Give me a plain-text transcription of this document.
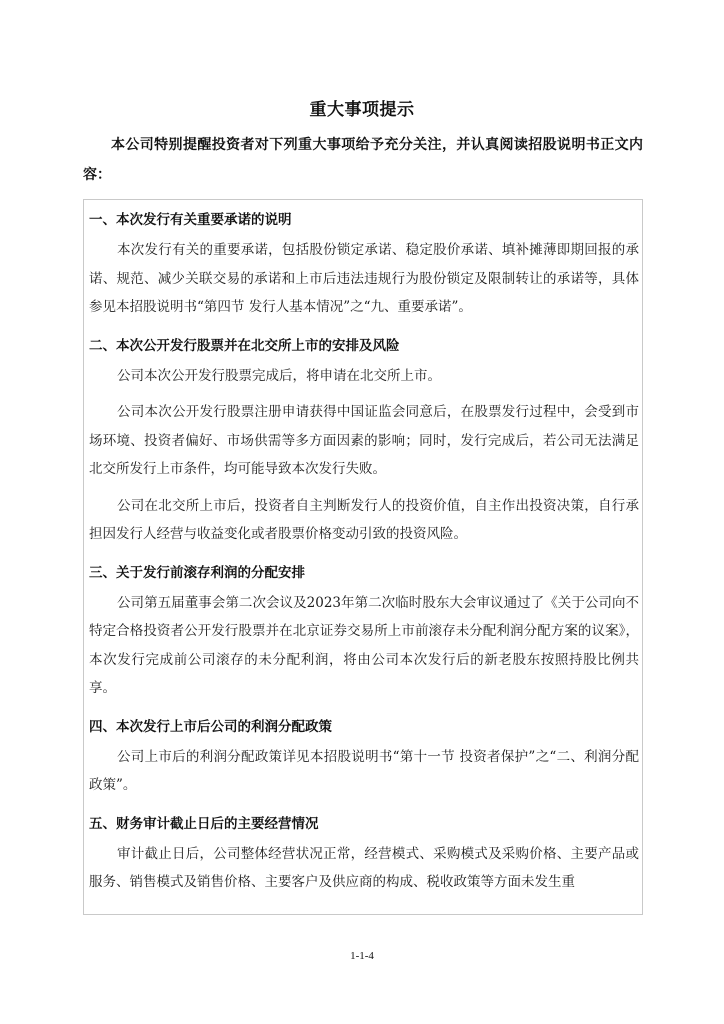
重大事项提示
本公司特别提醒投资者对下列重大事项给予充分关注，并认真阅读招股说明书正文内容：

一、本次发行有关重要承诺的说明

本次发行有关的重要承诺，包括股份锁定承诺、稳定股价承诺、填补摊薄即期回报的承诺、规范、减少关联交易的承诺和上市后违法违规行为股份锁定及限制转让的承诺等，具体参见本招股说明书“第四节 发行人基本情况”之“九、重要承诺”。

二、本次公开发行股票并在北交所上市的安排及风险

公司本次公开发行股票完成后，将申请在北交所上市。

公司本次公开发行股票注册申请获得中国证监会同意后，在股票发行过程中，会受到市场环境、投资者偏好、市场供需等多方面因素的影响；同时，发行完成后，若公司无法满足北交所发行上市条件，均可能导致本次发行失败。

公司在北交所上市后，投资者自主判断发行人的投资价值，自主作出投资决策，自行承担因发行人经营与收益变化或者股票价格变动引致的投资风险。

三、关于发行前滚存利润的分配安排

公司第五届董事会第二次会议及2023年第二次临时股东大会审议通过了《关于公司向不特定合格投资者公开发行股票并在北京证券交易所上市前滚存未分配利润分配方案的议案》，本次发行完成前公司滚存的未分配利润，将由公司本次发行后的新老股东按照持股比例共享。

四、本次发行上市后公司的利润分配政策

公司上市后的利润分配政策详见本招股说明书“第十一节 投资者保护”之“二、利润分配政策”。

五、财务审计截止日后的主要经营情况

审计截止日后，公司整体经营状况正常，经营模式、采购模式及采购价格、主要产品或服务、销售模式及销售价格、主要客户及供应商的构成、税收政策等方面未发生重

1-1-4
